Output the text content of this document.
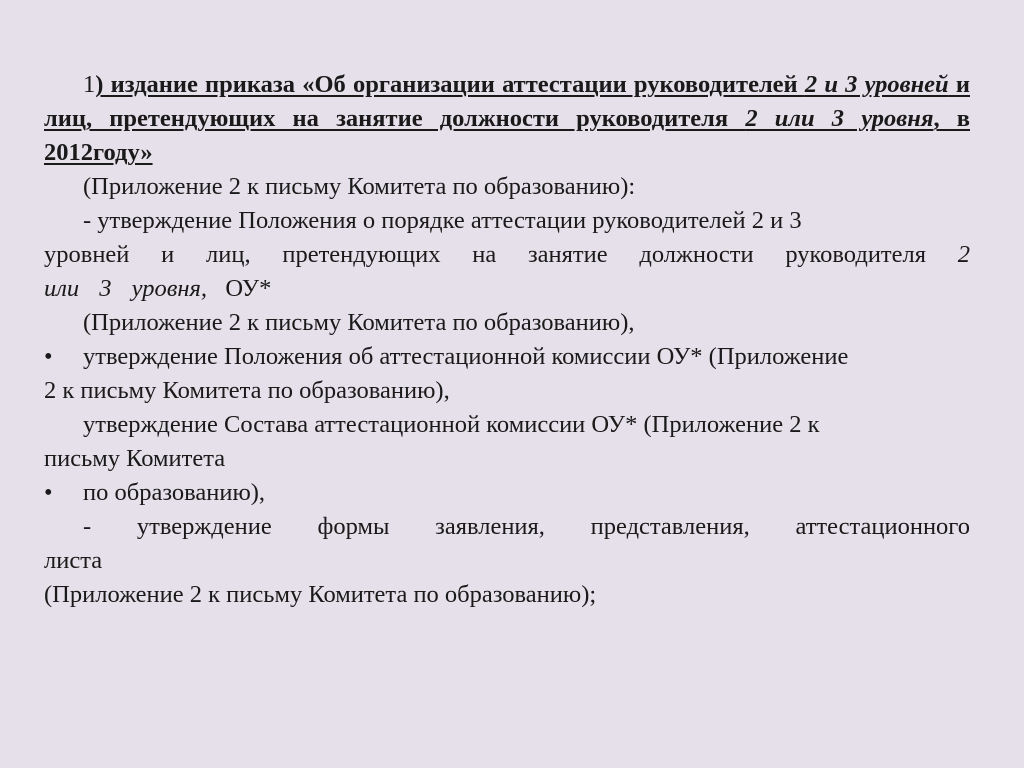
1) издание приказа «Об организации аттестации руководителей 2 и 3 уровней и лиц, претендующих на занятие должности руководителя 2 или 3 уровня, в 2012году»

(Приложение 2 к письму Комитета по образованию):

- утверждение Положения о порядке аттестации руководителей 2 и 3

уровней и лиц, претендующих на занятие должности руководителя 2

или 3 уровня, ОУ*

(Приложение 2 к письму Комитета по образованию),

•	утверждение Положения об аттестационной комиссии ОУ* (Приложение

2 к письму Комитета по образованию),

утверждение Состава аттестационной комиссии ОУ* (Приложение 2 к

письму Комитета

•	по образованию),

- утверждение формы заявления, представления, аттестационного

листа

(Приложение 2 к письму Комитета по образованию);
